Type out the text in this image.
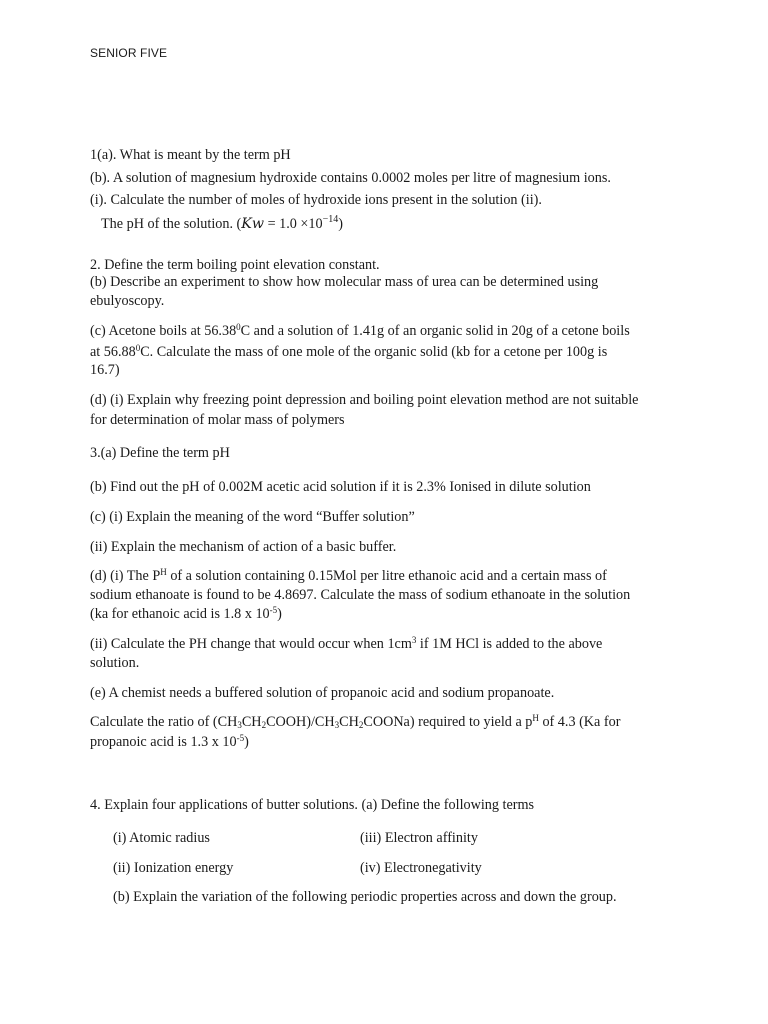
SENIOR FIVE
1(a). What is meant by the term pH
(b). A solution of magnesium hydroxide contains 0.0002 moles per litre of magnesium ions.
(i). Calculate the number of moles of hydroxide ions present in the solution (ii).
The pH of the solution. $(Kw = 1.0 \times 10^{-14})$
2. Define the term boiling point elevation constant.
(b) Describe an experiment to show how molecular mass of urea can be determined using
ebulyoscopy.
(c) Acetone boils at 56.38$^0$C and a solution of 1.41g of an organic solid in 20g of a cetone boils
at 56.88$^0$C. Calculate the mass of one mole of the organic solid (kb for a cetone per 100g is
16.7)
(d) (i) Explain why freezing point depression and boiling point elevation method are not suitable
for determination of molar mass of polymers
3.(a) Define the term pH
(b) Find out the pH of 0.002M acetic acid solution if it is 2.3% Ionised in dilute solution
(c) (i) Explain the meaning of the word “Buffer solution”
(ii) Explain the mechanism of action of a basic buffer.
(d) (i) The $P^H$ of a solution containing 0.15Mol per litre ethanoic acid and a certain mass of
sodium ethanoate is found to be 4.8697. Calculate the mass of sodium ethanoate in the solution
(ka for ethanoic acid is 1.8 x $10^{-5}$)
(ii) Calculate the PH change that would occur when $1cm^3$ if 1M HCl is added to the above
solution.
(e) A chemist needs a buffered solution of propanoic acid and sodium propanoate.
Calculate the ratio of $(CH_3CH_2COOH)/CH_3CH_2COONa$) required to yield a $p^H$ of 4.3 (Ka for
propanoic acid is 1.3 x $10^{-5}$)
4. Explain four applications of butter solutions. (a) Define the following terms
(i) Atomic radius	(iii) Electron affinity
(ii) Ionization energy	(iv) Electronegativity
(b) Explain the variation of the following periodic properties across and down the group.
